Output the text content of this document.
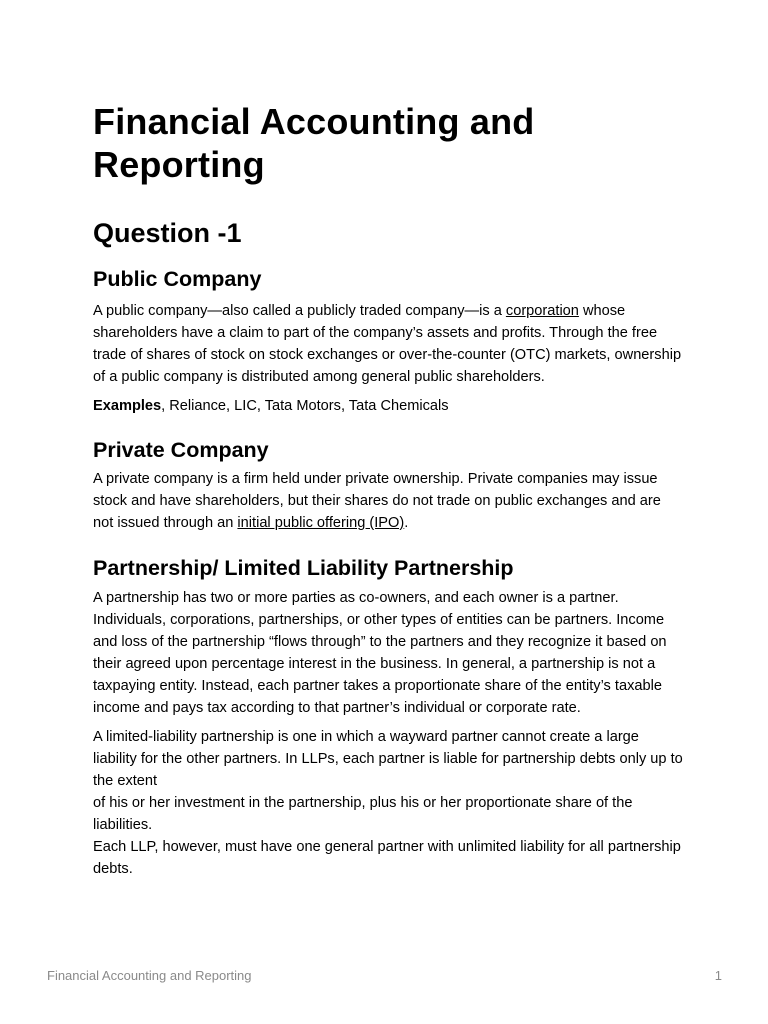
Financial Accounting and Reporting
Question -1
Public Company

A public company—also called a publicly traded company—is a corporation whose shareholders have a claim to part of the company’s assets and profits. Through the free trade of shares of stock on stock exchanges or over-the-counter (OTC) markets, ownership of a public company is distributed among general public shareholders.

Examples, Reliance, LIC, Tata Motors, Tata Chemicals

Private Company

A private company is a firm held under private ownership. Private companies may issue stock and have shareholders, but their shares do not trade on public exchanges and are not issued through an initial public offering (IPO).

Partnership/ Limited Liability Partnership

A partnership has two or more parties as co-owners, and each owner is a partner. Individuals, corporations, partnerships, or other types of entities can be partners. Income and loss of the partnership “flows through” to the partners and they recognize it based on their agreed upon percentage interest in the business. In general, a partnership is not a taxpaying entity. Instead, each partner takes a proportionate share of the entity’s taxable income and pays tax according to that partner’s individual or corporate rate.

A limited-liability partnership is one in which a wayward partner cannot create a large liability for the other partners. In LLPs, each partner is liable for partnership debts only up to the extent
of his or her investment in the partnership, plus his or her proportionate share of the liabilities.
Each LLP, however, must have one general partner with unlimited liability for all partnership
debts.

Financial Accounting and Reporting	1
